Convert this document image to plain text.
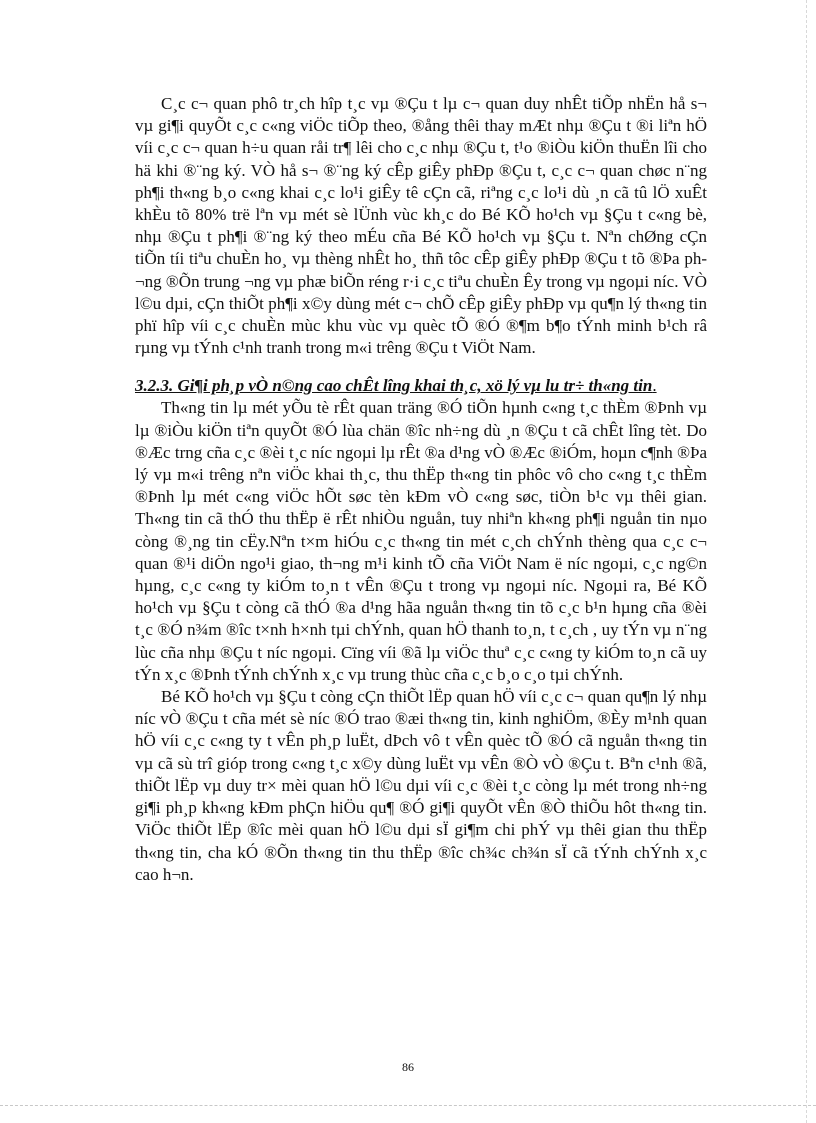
C¸c c¬ quan phô tr¸ch hîp t¸c vµ ®Çu t lµ c¬ quan duy nhÊt tiÕp nhËn hå s¬ vµ gi¶i quyÕt c¸c c«ng viÖc tiÕp theo, ®ång thêi thay mÆt nhµ ®Çu t ®i liªn hÖ víi c¸c c¬ quan h÷u quan råi tr¶ lêi cho c¸c nhµ ®Çu t, t¹o ®iÒu kiÖn thuËn lîi cho hä khi ®¨ng ký. VÒ hå s¬ ®¨ng ký cÊp giÊy phÐp ®Çu t, c¸c c¬ quan chøc n¨ng ph¶i th«ng b¸o c«ng khai c¸c lo¹i giÊy tê cÇn cã, riªng c¸c lo¹i dù ¸n cã tû lÖ xuÊt khÈu tõ 80% trë lªn vµ mét sè lÜnh vùc kh¸c do Bé KÕ ho¹ch vµ §Çu t c«ng bè, nhµ ®Çu t ph¶i ®¨ng ký theo mÉu cña Bé KÕ ho¹ch vµ §Çu t. Nªn chØng cÇn tiÕn tíi tiªu chuÈn ho¸ vµ thèng nhÊt ho¸ thñ tôc cÊp giÊy phÐp ®Çu t tõ ®Þa ph¬ng ®Õn trung ¬ng vµ phæ biÕn réng r·i c¸c tiªu chuÈn Êy trong vµ ngoµi níc. VÒ l©u dµi, cÇn thiÕt ph¶i x©y dùng mét c¬ chÕ cÊp giÊy phÐp vµ qu¶n lý th«ng tin phï hîp víi c¸c chuÈn mùc khu vùc vµ quèc tÕ ®Ó ®¶m b¶o tÝnh minh b¹ch râ rµng vµ tÝnh c¹nh tranh trong m«i trêng ®Çu t ViÖt Nam.

3.2.3. Gi¶i ph¸p vÒ n©ng cao chÊt lîng khai th¸c, xö lý vµ lu tr÷ th«ng tin.

Th«ng tin lµ mét yÕu tè rÊt quan träng ®Ó tiÕn hµnh c«ng t¸c thÈm ®Þnh vµ lµ ®iÒu kiÖn tiªn quyÕt ®Ó lùa chän ®îc nh÷ng dù ¸n ®Çu t cã chÊt lîng tèt. Do ®Æc trng cña c¸c ®èi t¸c níc ngoµi lµ rÊt ®a d¹ng vÒ ®Æc ®iÓm, hoµn c¶nh ®Þa lý vµ m«i trêng nªn viÖc khai th¸c, thu thËp th«ng tin phôc vô cho c«ng t¸c thÈm ®Þnh lµ mét c«ng viÖc hÕt søc tèn kÐm vÒ c«ng søc, tiÒn b¹c vµ thêi gian. Th«ng tin cã thÓ thu thËp ë rÊt nhiÒu nguån, tuy nhiªn kh«ng ph¶i nguån tin nµo còng ®¸ng tin cËy.Nªn t×m hiÓu c¸c th«ng tin mét c¸ch chÝnh thèng qua c¸c c¬ quan ®¹i diÖn ngo¹i giao, th¬ng m¹i kinh tÕ cña ViÖt Nam ë níc ngoµi, c¸c ng©n hµng, c¸c c«ng ty kiÓm to¸n t vÊn ®Çu t trong vµ ngoµi níc. Ngoµi ra, Bé KÕ ho¹ch vµ §Çu t còng cã thÓ ®a d¹ng hãa nguån th«ng tin tõ c¸c b¹n hµng cña ®èi t¸c ®Ó n¾m ®îc t×nh h×nh tµi chÝnh, quan hÖ thanh to¸n, t c¸ch , uy tÝn vµ n¨ng lùc cña nhµ ®Çu t níc ngoµi. Cïng víi ®ã lµ viÖc thuª c¸c c«ng ty kiÓm to¸n cã uy tÝn x¸c ®Þnh tÝnh chÝnh x¸c vµ trung thùc cña c¸c b¸o c¸o tµi chÝnh.

Bé KÕ ho¹ch vµ §Çu t còng cÇn thiÕt lËp quan hÖ víi c¸c c¬ quan qu¶n lý nhµ níc vÒ ®Çu t cña mét sè níc ®Ó trao ®æi th«ng tin, kinh nghiÖm, ®Èy m¹nh quan hÖ víi c¸c c«ng ty t vÊn ph¸p luËt, dÞch vô t vÊn quèc tÕ ®Ó cã nguån th«ng tin vµ cã sù trî gióp trong c«ng t¸c x©y dùng luËt vµ vÊn ®Ò vÒ ®Çu t. Bªn c¹nh ®ã, thiÕt lËp vµ duy tr× mèi quan hÖ l©u dµi víi c¸c ®èi t¸c còng lµ mét trong nh÷ng gi¶i ph¸p kh«ng kÐm phÇn hiÖu qu¶ ®Ó gi¶i quyÕt vÊn ®Ò thiÕu hôt th«ng tin. ViÖc thiÕt lËp ®îc mèi quan hÖ l©u dµi sÏ gi¶m chi phÝ vµ thêi gian thu thËp th«ng tin, cha kÓ ®Õn th«ng tin thu thËp ®îc ch¾c ch¾n sÏ cã tÝnh chÝnh x¸c cao h¬n.

86
